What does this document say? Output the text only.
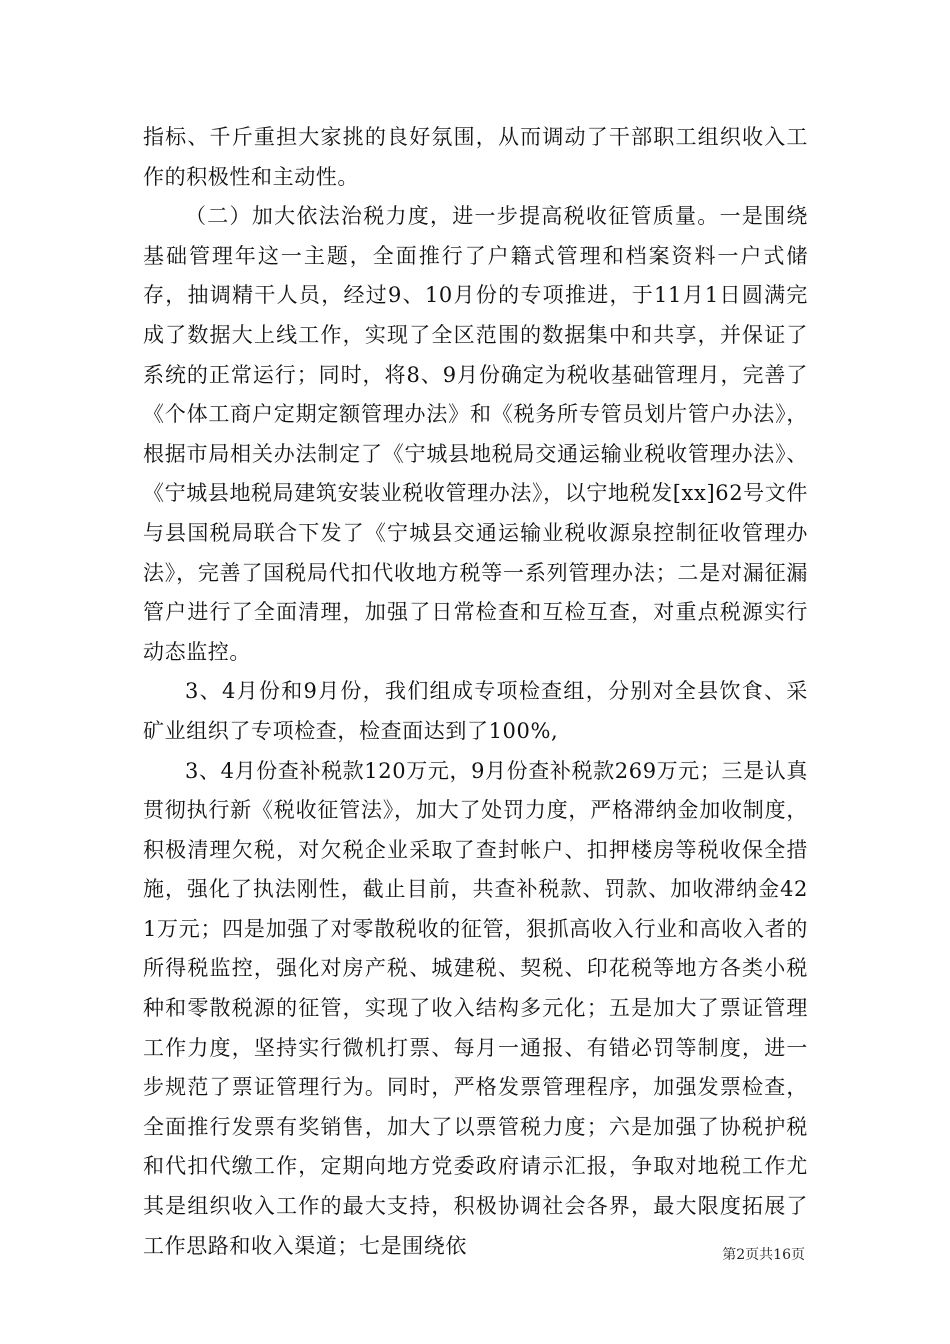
指标、千斤重担大家挑的良好氛围，从而调动了干部职工组织收入工作的积极性和主动性。

（二）加大依法治税力度，进一步提高税收征管质量。一是围绕基础管理年这一主题，全面推行了户籍式管理和档案资料一户式储存，抽调精干人员，经过9、10月份的专项推进，于11月1日圆满完成了数据大上线工作，实现了全区范围的数据集中和共享，并保证了系统的正常运行；同时，将8、9月份确定为税收基础管理月，完善了《个体工商户定期定额管理办法》和《税务所专管员划片管户办法》，根据市局相关办法制定了《宁城县地税局交通运输业税收管理办法》、《宁城县地税局建筑安装业税收管理办法》，以宁地税发[xx]62号文件与县国税局联合下发了《宁城县交通运输业税收源泉控制征收管理办法》，完善了国税局代扣代收地方税等一系列管理办法；二是对漏征漏管户进行了全面清理，加强了日常检查和互检互查，对重点税源实行动态监控。

3、4月份和9月份，我们组成专项检查组，分别对全县饮食、采矿业组织了专项检查，检查面达到了100%,

3、4月份查补税款120万元，9月份查补税款269万元；三是认真贯彻执行新《税收征管法》，加大了处罚力度，严格滞纳金加收制度，积极清理欠税，对欠税企业采取了查封帐户、扣押楼房等税收保全措施，强化了执法刚性，截止目前，共查补税款、罚款、加收滞纳金421万元；四是加强了对零散税收的征管，狠抓高收入行业和高收入者的所得税监控，强化对房产税、城建税、契税、印花税等地方各类小税种和零散税源的征管，实现了收入结构多元化；五是加大了票证管理工作力度，坚持实行微机打票、每月一通报、有错必罚等制度，进一步规范了票证管理行为。同时，严格发票管理程序，加强发票检查，全面推行发票有奖销售，加大了以票管税力度；六是加强了协税护税和代扣代缴工作，定期向地方党委政府请示汇报，争取对地税工作尤其是组织收入工作的最大支持，积极协调社会各界，最大限度拓展了工作思路和收入渠道；七是围绕依	第2页共16页
